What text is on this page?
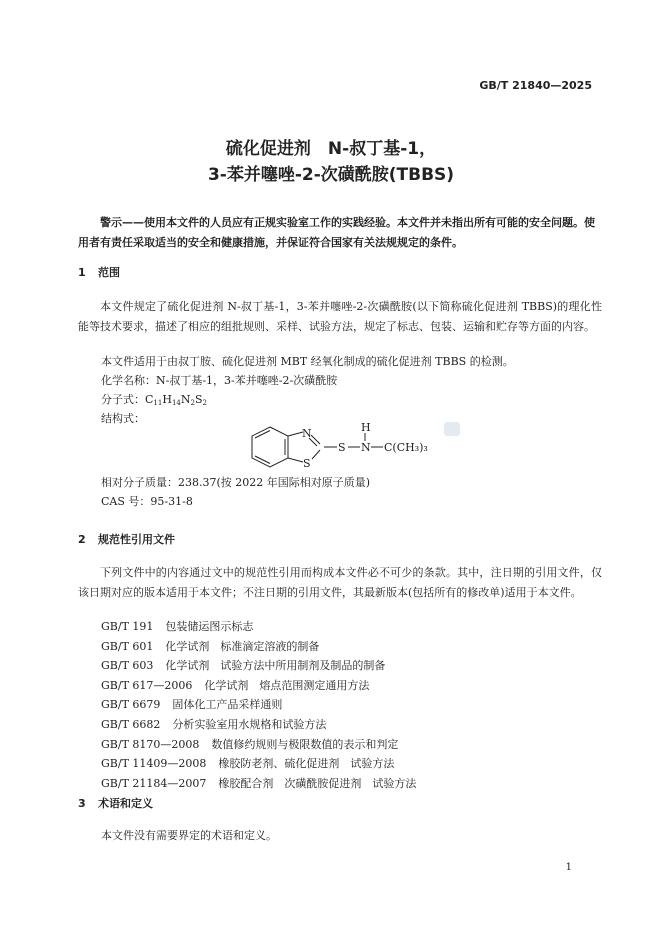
GB/T 21840—2025
硫化促进剂　N-叔丁基-1，
3-苯并噻唑-2-次磺酰胺(TBBS)
警示——使用本文件的人员应有正规实验室工作的实践经验。本文件并未指出所有可能的安全问题。使用者有责任采取适当的安全和健康措施，并保证符合国家有关法规规定的条件。
1 范围
本文件规定了硫化促进剂 N-叔丁基-1，3-苯并噻唑-2-次磺酰胺(以下简称硫化促进剂 TBBS)的理化性能等技术要求，描述了相应的组批规则、采样、试验方法，规定了标志、包装、运输和贮存等方面的内容。
本文件适用于由叔丁胺、硫化促进剂 MBT 经氧化制成的硫化促进剂 TBBS 的检测。
化学名称：N-叔丁基-1，3-苯并噻唑-2-次磺酰胺
分子式：$C_{11}H_{14}N_2S_2$
结构式：
N
S
S N
H
C(CH₃)₃
相对分子质量：238.37(按 2022 年国际相对原子质量)
CAS 号：95-31-8
2 规范性引用文件
下列文件中的内容通过文中的规范性引用而构成本文件必不可少的条款。其中，注日期的引用文件，仅该日期对应的版本适用于本文件；不注日期的引用文件，其最新版本(包括所有的修改单)适用于本文件。
GB/T 191 包装储运图示标志
GB/T 601 化学试剂　标准滴定溶液的制备
GB/T 603 化学试剂　试验方法中所用制剂及制品的制备
GB/T 617—2006 化学试剂　熔点范围测定通用方法
GB/T 6679 固体化工产品采样通则
GB/T 6682 分析实验室用水规格和试验方法
GB/T 8170—2008 数值修约规则与极限数值的表示和判定
GB/T 11409—2008 橡胶防老剂、硫化促进剂　试验方法
GB/T 21184—2007 橡胶配合剂　次磺酰胺促进剂　试验方法
3 术语和定义
本文件没有需要界定的术语和定义。
1
